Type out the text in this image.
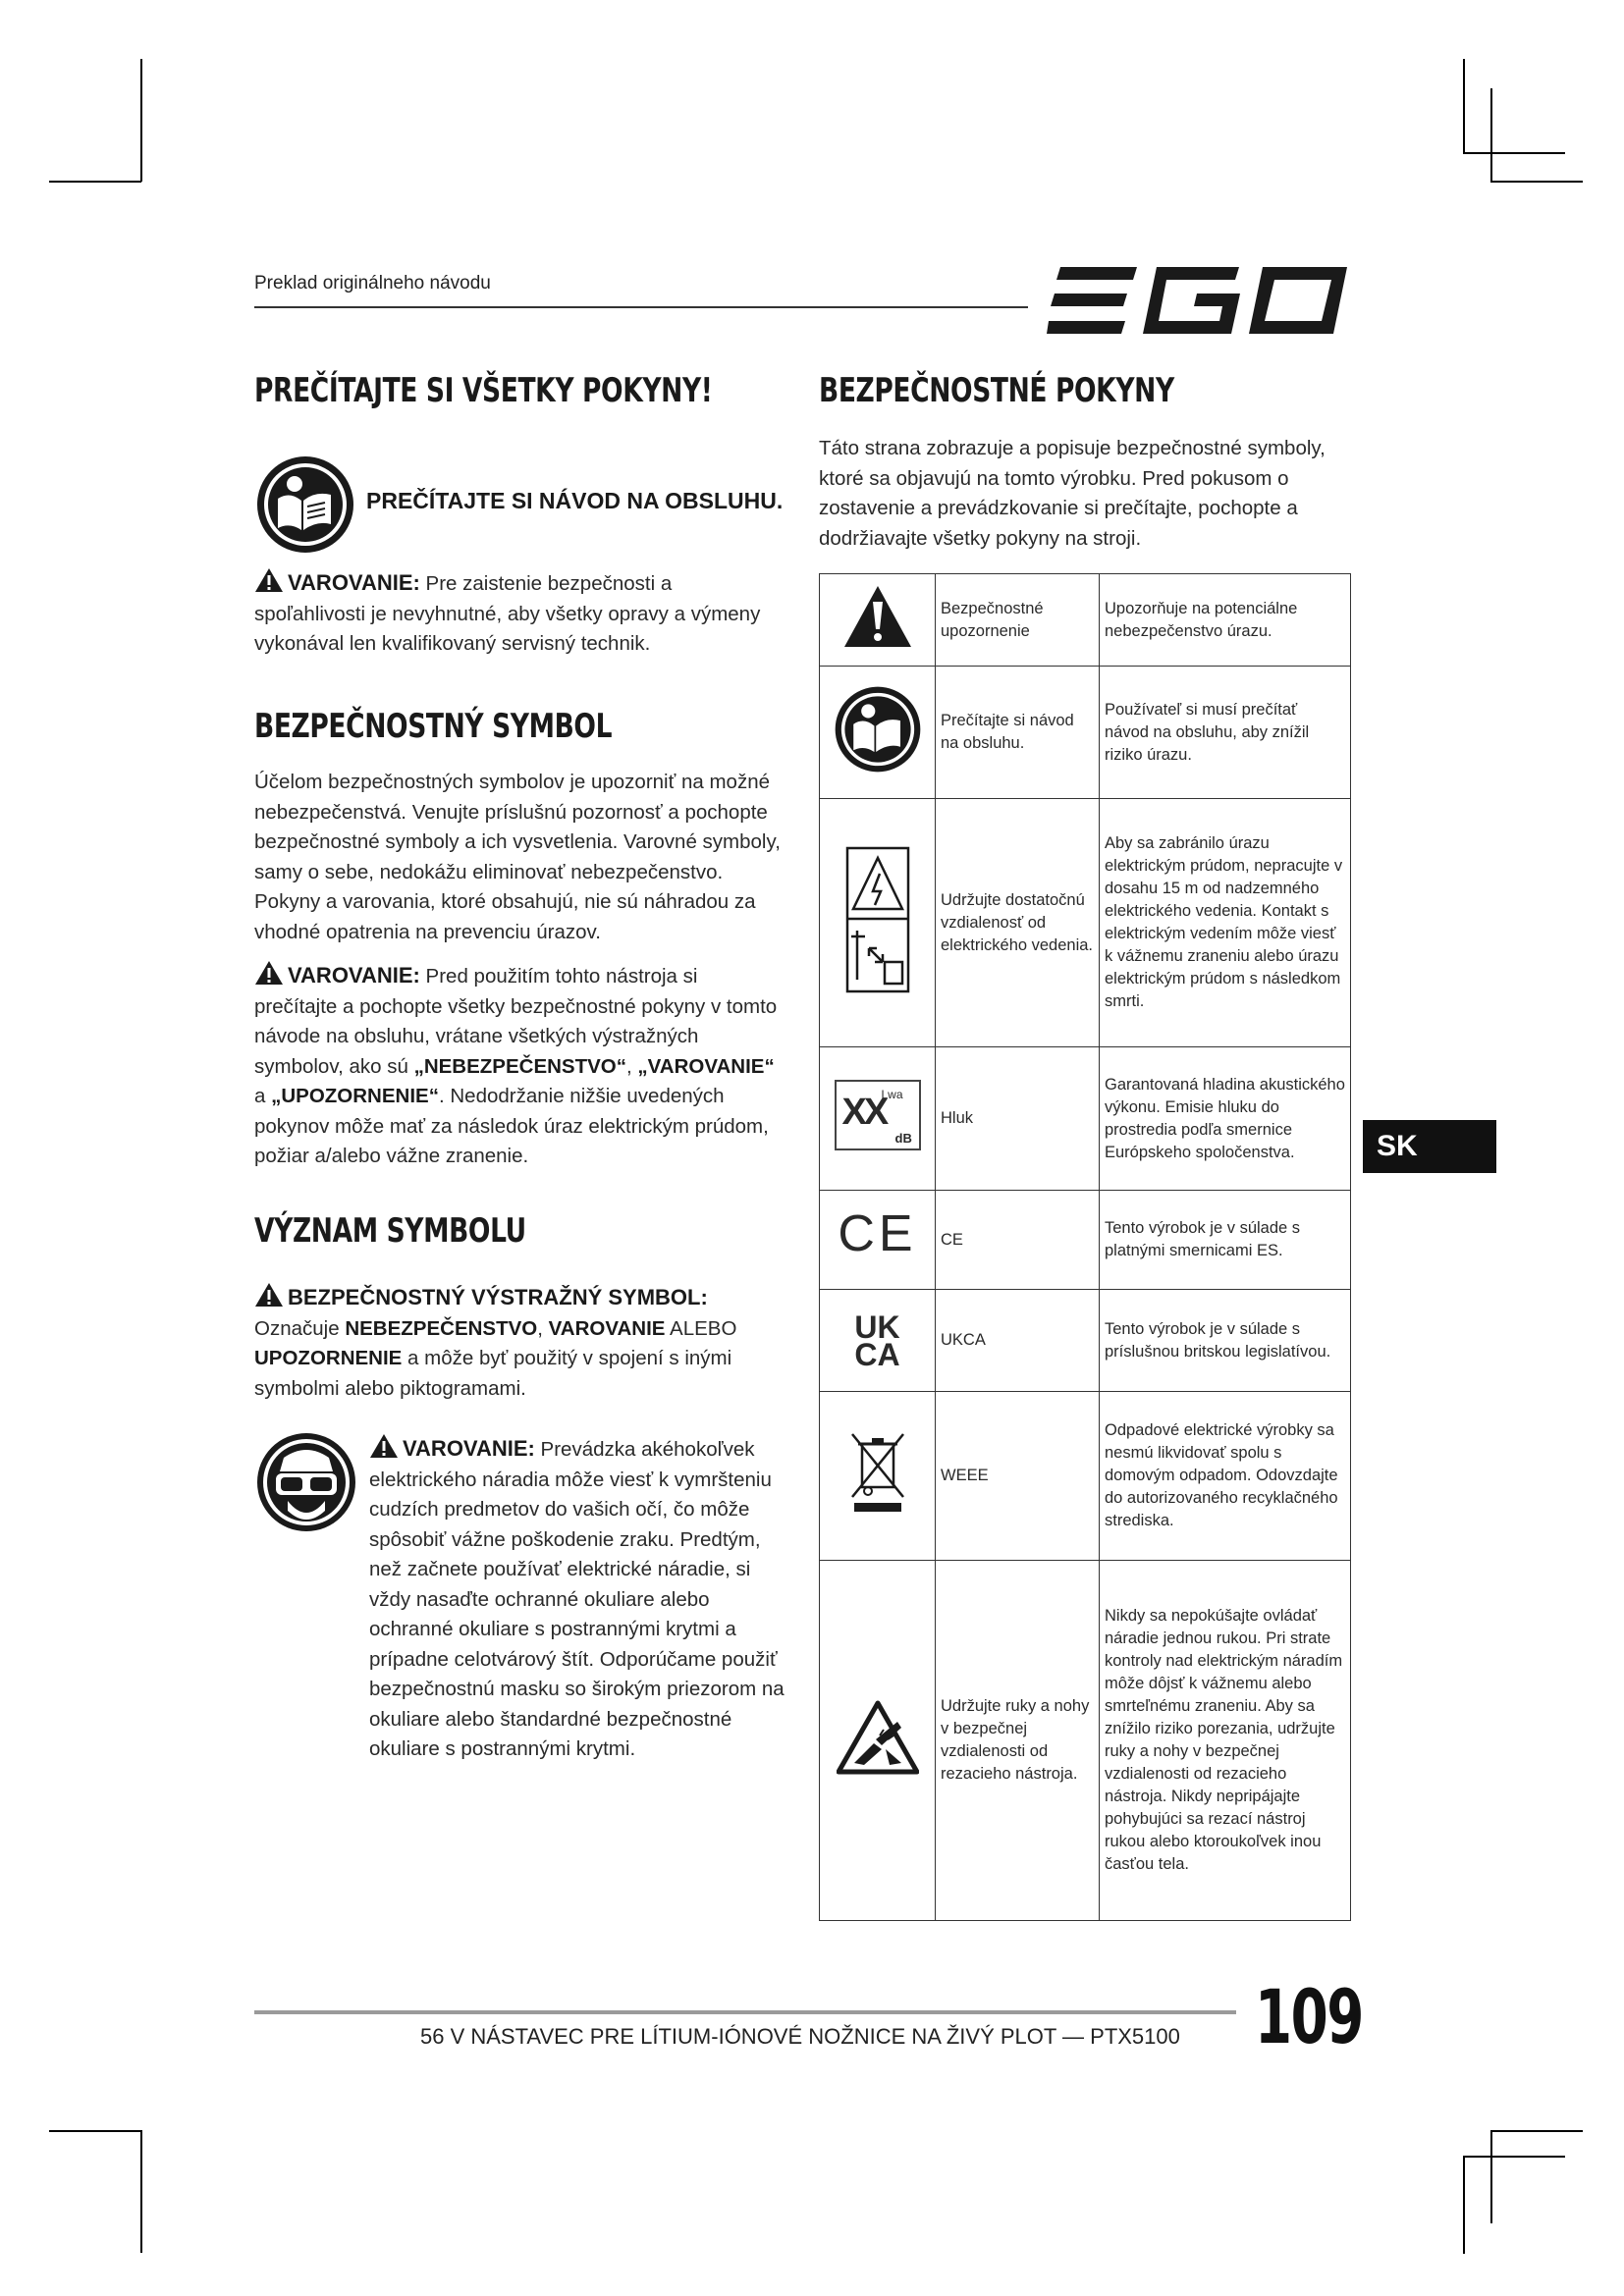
Preklad originálneho návodu
PREČÍTAJTE SI VŠETKY POKYNY!
PREČÍTAJTE SI NÁVOD NA OBSLUHU.

VAROVANIE: Pre zaistenie bezpečnosti a spoľahlivosti je nevyhnutné, aby všetky opravy a výmeny vykonával len kvalifikovaný servisný technik.

BEZPEČNOSTNÝ SYMBOL

Účelom bezpečnostných symbolov je upozorniť na možné nebezpečenstvá. Venujte príslušnú pozornosť a pochopte bezpečnostné symboly a ich vysvetlenia. Varovné symboly, samy o sebe, nedokážu eliminovať nebezpečenstvo. Pokyny a varovania, ktoré obsahujú, nie sú náhradou za vhodné opatrenia na prevenciu úrazov.

VAROVANIE: Pred použitím tohto nástroja si prečítajte a pochopte všetky bezpečnostné pokyny v tomto návode na obsluhu, vrátane všetkých výstražných symbolov, ako sú „NEBEZPEČENSTVO“, „VAROVANIE“ a „UPOZORNENIE“. Nedodržanie nižšie uvedených pokynov môže mať za následok úraz elektrickým prúdom, požiar a/alebo vážne zranenie.

VÝZNAM SYMBOLU

BEZPEČNOSTNÝ VÝSTRAŽNÝ SYMBOL:
Označuje NEBEZPEČENSTVO, VAROVANIE ALEBO UPOZORNENIE a môže byť použitý v spojení s inými symbolmi alebo piktogramami.

VAROVANIE: Prevádzka akéhokoľvek elektrického náradia môže viesť k vymršteniu cudzích predmetov do vašich očí, čo môže spôsobiť vážne poškodenie zraku. Predtým, než začnete používať elektrické náradie, si vždy nasaďte ochranné okuliare alebo ochranné okuliare s postrannými krytmi a prípadne celotvárový štít. Odporúčame použiť bezpečnostnú masku so širokým priezorom na okuliare alebo štandardné bezpečnostné okuliare s postrannými krytmi.

BEZPEČNOSTNÉ POKYNY

Táto strana zobrazuje a popisuje bezpečnostné symboly, ktoré sa objavujú na tomto výrobku. Pred pokusom o zostavenie a prevádzkovanie si prečítajte, pochopte a dodržiavajte všetky pokyny na stroji.

	Bezpečnostné upozornenie	Upozorňuje na potenciálne nebezpečenstvo úrazu.
	Prečítajte si návod na obsluhu.	Používateľ si musí prečítať návod na obsluhu, aby znížil riziko úrazu.
	Udržujte dostatočnú vzdialenosť od elektrického vedenia.	Aby sa zabránilo úrazu elektrickým prúdom, nepracujte v dosahu 15 m od nadzemného elektrického vedenia. Kontakt s elektrickým vedením môže viesť k vážnemu zraneniu alebo úrazu elektrickým prúdom s následkom smrti.

Lwa
XX
dB	Hluk	Garantovaná hladina akustického výkonu. Emisie hluku do prostredia podľa smernice Európskeho spoločenstva.
CE	CE	Tento výrobok je v súlade s platnými smernicami ES.

UK
CA	UKCA	Tento výrobok je v súlade s príslušnou britskou legislatívou.
	WEEE	Odpadové elektrické výrobky sa nesmú likvidovať spolu s domovým odpadom. Odovzdajte do autorizovaného recyklačného strediska.
	Udržujte ruky a nohy v bezpečnej vzdialenosti od rezacieho nástroja.	Nikdy sa nepokúšajte ovládať náradie jednou rukou. Pri strate kontroly nad elektrickým náradím môže dôjsť k vážnemu alebo smrteľnému zraneniu. Aby sa znížilo riziko porezania, udržujte ruky a nohy v bezpečnej vzdialenosti od rezacieho nástroja. Nikdy nepripájajte pohybujúci sa rezací nástroj rukou alebo ktoroukoľvek inou časťou tela.
SK
56 V NÁSTAVEC PRE LÍTIUM-IÓNOVÉ NOŽNICE NA ŽIVÝ PLOT — PTX5100 109
